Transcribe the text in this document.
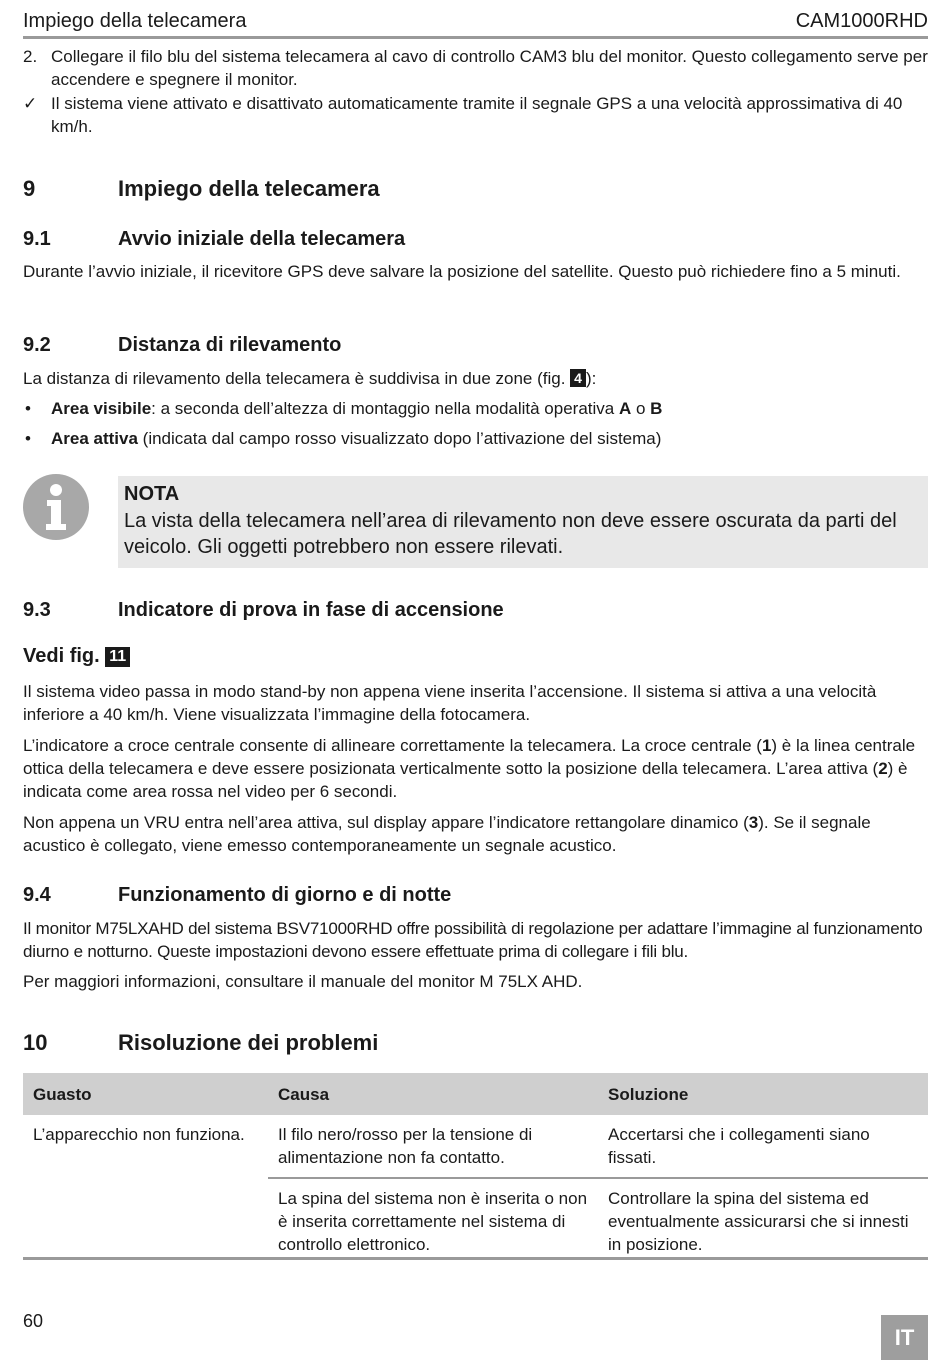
Impiego della telecamera	CAM1000RHD
2. Collegare il filo blu del sistema telecamera al cavo di controllo CAM3 blu del monitor. Questo collegamento serve per accendere e spegnere il monitor.
✓ Il sistema viene attivato e disattivato automaticamente tramite il segnale GPS a una velocità approssimativa di 40 km/h.
9	Impiego della telecamera
9.1	Avvio iniziale della telecamera

Durante l’avvio iniziale, il ricevitore GPS deve salvare la posizione del satellite. Questo può richiedere fino a 5 minuti.

9.2	Distanza di rilevamento

La distanza di rilevamento della telecamera è suddivisa in due zone (fig. 4 ):

• Area visibile: a seconda dell’altezza di montaggio nella modalità operativa A o B
• Area attiva (indicata dal campo rosso visualizzato dopo l’attivazione del sistema)
NOTA
La vista della telecamera nell’area di rilevamento non deve essere oscurata da parti del veicolo. Gli oggetti potrebbero non essere rilevati.
9.3	Indicatore di prova in fase di accensione
Vedi fig. 11

Il sistema video passa in modo stand-by non appena viene inserita l’accensione. Il sistema si attiva a una velocità inferiore a 40 km/h. Viene visualizzata l’immagine della fotocamera.

L’indicatore a croce centrale consente di allineare correttamente la telecamera. La croce centrale (1) è la linea centrale ottica della telecamera e deve essere posizionata verticalmente sotto la posizione della telecamera. L’area attiva (2) è indicata come area rossa nel video per 6 secondi.

Non appena un VRU entra nell’area attiva, sul display appare l’indicatore rettangolare dinamico (3). Se il segnale acustico è collegato, viene emesso contemporaneamente un segnale acustico.

9.4	Funzionamento di giorno e di notte

Il monitor M75LXAHD del sistema BSV71000RHD offre possibilità di regolazione per adattare l’immagine al funzionamento diurno e notturno. Queste impostazioni devono essere effettuate prima di collegare i fili blu.

Per maggiori informazioni, consultare il manuale del monitor M 75LX AHD.

10	Risoluzione dei problemi
Guasto	Causa	Soluzione
L’apparecchio non funziona.	Il filo nero/rosso per la tensione di alimentazione non fa contatto.	Accertarsi che i collegamenti siano fissati.
	La spina del sistema non è inserita o non è inserita correttamente nel sistema di controllo elettronico.	Controllare la spina del sistema ed eventualmente assicurarsi che si innesti in posizione.
60
IT
